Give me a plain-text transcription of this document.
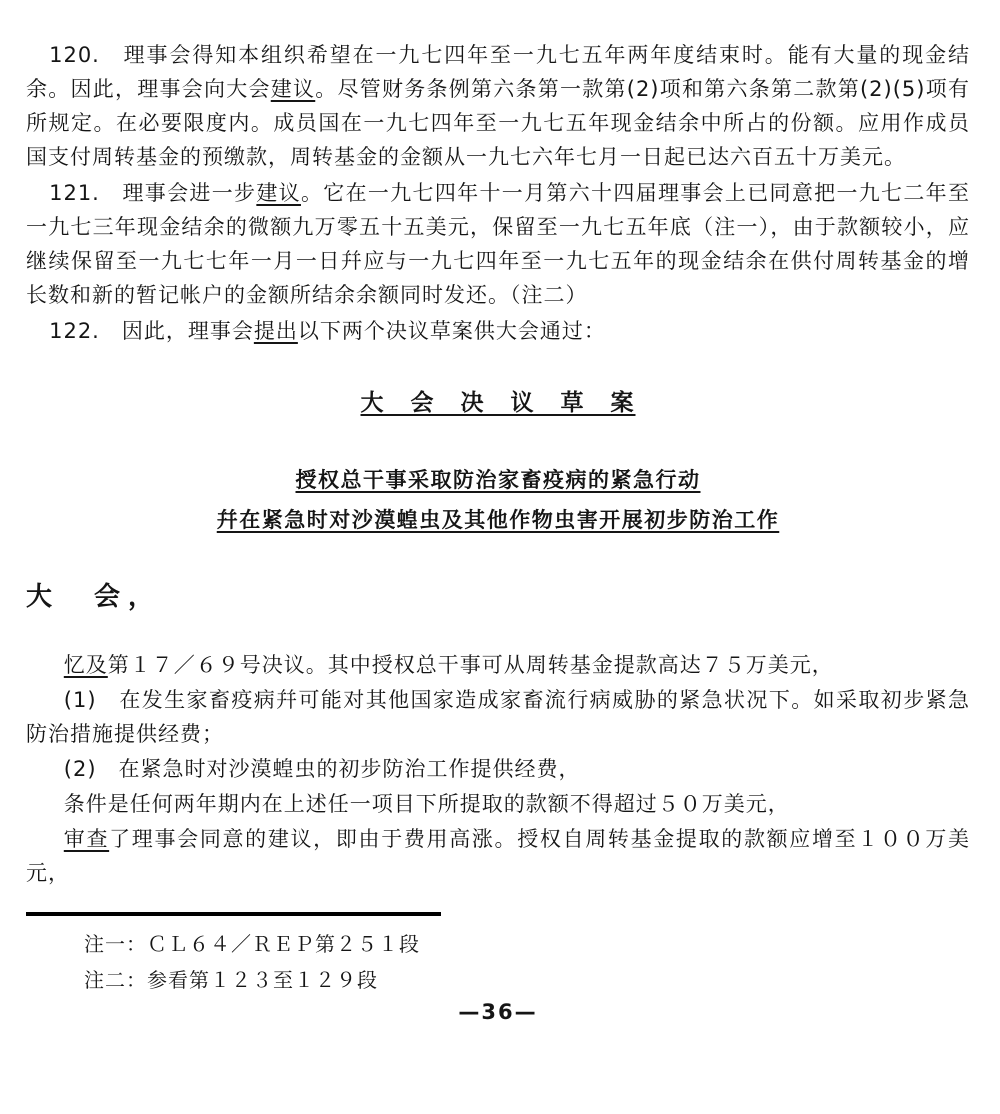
120.　理事会得知本组织希望在一九七四年至一九七五年两年度结束时。能有大量的现金结余。因此，理事会向大会建议。尽管财务条例第六条第一款第(2)项和第六条第二款第(2)(5)项有所规定。在必要限度内。成员国在一九七四年至一九七五年现金结余中所占的份额。应用作成员国支付周转基金的预缴款，周转基金的金额从一九七六年七月一日起已达六百五十万美元。

121.　理事会进一步建议。它在一九七四年十一月第六十四届理事会上已同意把一九七二年至一九七三年现金结余的微额九万零五十五美元，保留至一九七五年底（注一），由于款额较小，应继续保留至一九七七年一月一日幷应与一九七四年至一九七五年的现金结余在供付周转基金的增长数和新的暂记帐户的金额所结余余额同时发还。（注二）

122.　因此，理事会提出以下两个决议草案供大会通过：

大　会　决　议　草　案
授权总干事采取防治家畜疫病的紧急行动
幷在紧急时对沙漠蝗虫及其他作物虫害开展初步防治工作
大　会，

忆及第１７／６９号决议。其中授权总干事可从周转基金提款高达７５万美元，

(1)　在发生家畜疫病幷可能对其他国家造成家畜流行病威胁的紧急状况下。如采取初步紧急防治措施提供经费；

(2)　在紧急时对沙漠蝗虫的初步防治工作提供经费，

条件是任何两年期内在上述任一项目下所提取的款额不得超过５０万美元，

审查了理事会同意的建议，即由于费用高涨。授权自周转基金提取的款额应增至１００万美元，

注一：ＣＬ６４／ＲＥＰ第２５１段
注二：参看第１２３至１２９段
—36—
